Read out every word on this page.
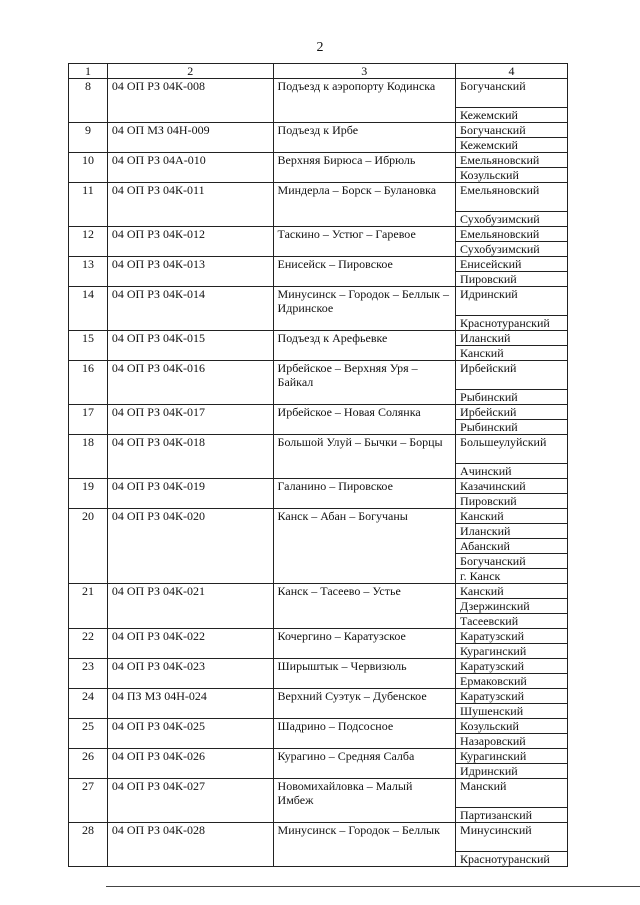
2
1	2	3	4
8	04 ОП РЗ 04К-008	Подъезд к аэропорту Кодинска	Богучанский
			Кежемский
9	04 ОП МЗ 04Н-009	Подъезд к Ирбе	Богучанский
			Кежемский
10	04 ОП РЗ 04А-010	Верхняя Бирюса – Ибрюль	Емельяновский
			Козульский
11	04 ОП РЗ 04К-011	Миндерла – Борск – Булановка	Емельяновский
			Сухобузимский
12	04 ОП РЗ 04К-012	Таскино – Устюг – Гаревое	Емельяновский
			Сухобузимский
13	04 ОП РЗ 04К-013	Енисейск – Пировское	Енисейский
			Пировский
14	04 ОП РЗ 04К-014	Минусинск – Городок – Беллык – Идринское	Идринский
			Краснотуранский
15	04 ОП РЗ 04К-015	Подъезд к Арефьевке	Иланский
			Канский
16	04 ОП РЗ 04К-016	Ирбейское – Верхняя Уря – Байкал	Ирбейский
			Рыбинский
17	04 ОП РЗ 04К-017	Ирбейское – Новая Солянка	Ирбейский
			Рыбинский
18	04 ОП РЗ 04К-018	Большой Улуй – Бычки – Борцы	Большеулуйский
			Ачинский
19	04 ОП РЗ 04К-019	Галанино – Пировское	Казачинский
			Пировский
20	04 ОП РЗ 04К-020	Канск – Абан – Богучаны	Канский
			Иланский
			Абанский
			Богучанский
			г. Канск
21	04 ОП РЗ 04К-021	Канск – Тасеево – Устье	Канский
			Дзержинский
			Тасеевский
22	04 ОП РЗ 04К-022	Кочергино – Каратузское	Каратузский
			Курагинский
23	04 ОП РЗ 04К-023	Ширыштык – Червизюль	Каратузский
			Ермаковский
24	04 ПЗ МЗ 04Н-024	Верхний Суэтук – Дубенское	Каратузский
			Шушенский
25	04 ОП РЗ 04К-025	Шадрино – Подсосное	Козульский
			Назаровский
26	04 ОП РЗ 04К-026	Курагино – Средняя Салба	Курагинский
			Идринский
27	04 ОП РЗ 04К-027	Новомихайловка – Малый Имбеж	Манский
			Партизанский
28	04 ОП РЗ 04К-028	Минусинск – Городок – Беллык	Минусинский
			Краснотуранский
